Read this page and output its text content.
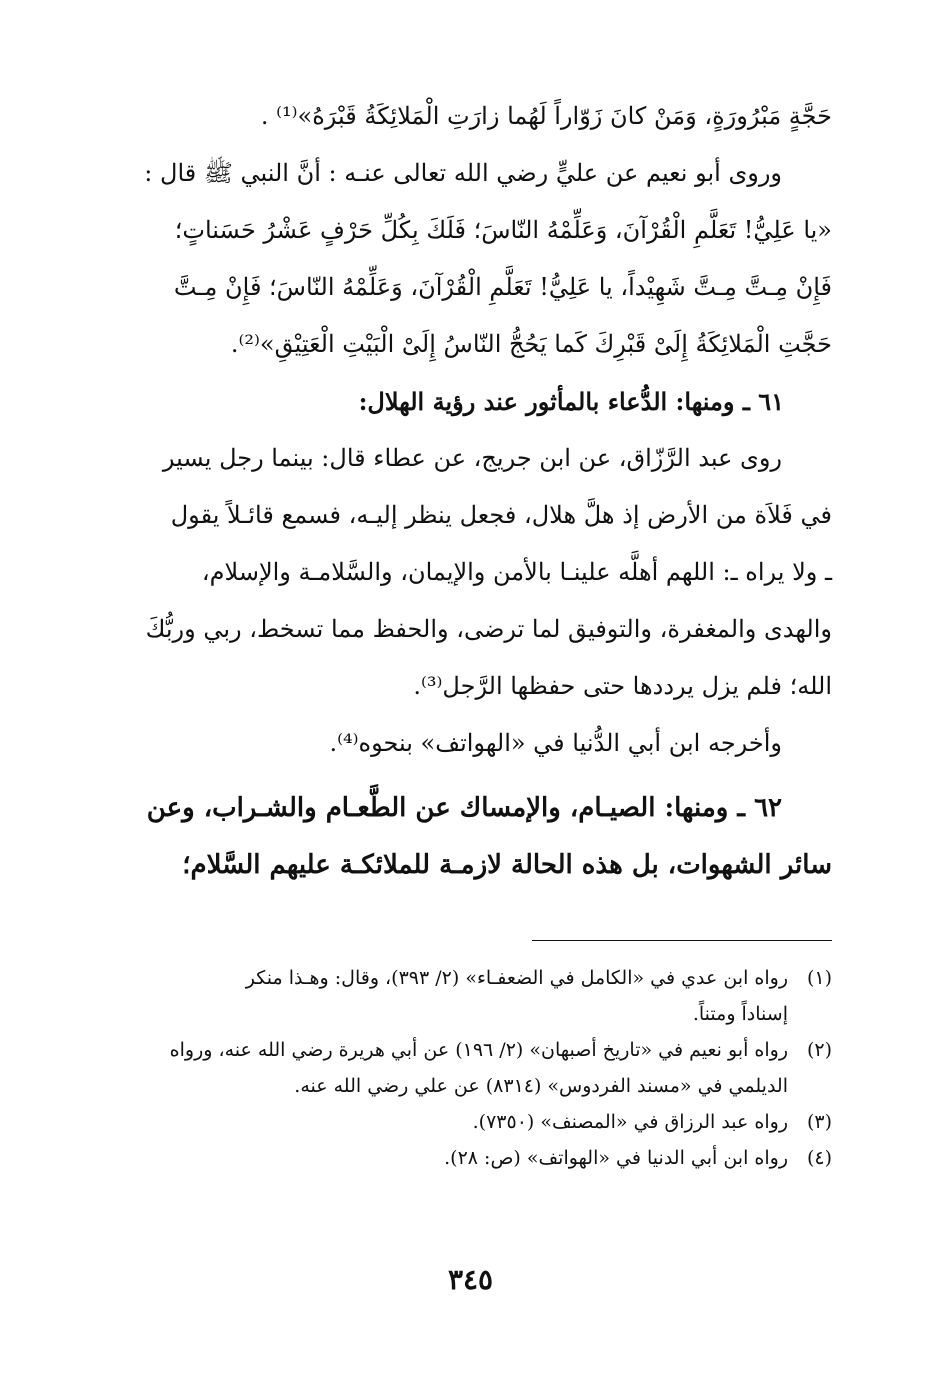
حَجَّةٍ مَبْرُورَةٍ، وَمَنْ كانَ زَوّاراً لَهُما زارَتِ الْمَلائِكَةُ قَبْرَهُ»⁽¹⁾ .
وروى أبو نعيم عن عليٍّ رضي الله تعالى عنـه : أنَّ النبي ﷺ قال :
«يا عَلِيُّ! تَعَلَّمِ الْقُرْآنَ، وَعَلِّمْهُ النّاسَ؛ فَلَكَ بِكُلِّ حَرْفٍ عَشْرُ حَسَناتٍ؛
فَإِنْ مِـتَّ مِـتَّ شَهِيْداً، يا عَلِيُّ! تَعَلَّمِ الْقُرْآنَ، وَعَلِّمْهُ النّاسَ؛ فَإِنْ مِـتَّ
حَجَّتِ الْمَلائِكَةُ إِلَىْ قَبْرِكَ كَما يَحُجُّ النّاسُ إِلَىْ الْبَيْتِ الْعَتِيْقِ»⁽²⁾.
٦١ ـ ومنها: الدُّعاء بالمأثور عند رؤية الهلال:
روى عبد الرَّزّاق، عن ابن جريج، عن عطاء قال: بينما رجل يسير
في فَلاَة من الأرض إذ هلَّ هلال، فجعل ينظر إليـه، فسمع قائـلاً يقول
ـ ولا يراه ـ: اللهم أهلَّه علينـا بالأمن والإيمان، والسَّلامـة والإسلام،
والهدى والمغفرة، والتوفيق لما ترضى، والحفظ مما تسخط، ربي وربُّكَ
الله؛ فلم يزل يرددها حتى حفظها الرَّجل⁽³⁾.
وأخرجه ابن أبي الدُّنيا في «الهواتف» بنحوه⁽⁴⁾.
٦٢ ـ ومنها: الصيـام، والإمساك عن الطَّعـام والشـراب، وعن
سائر الشهوات، بل هذه الحالة لازمـة للملائكـة عليهم السَّلام؛
(١)
رواه ابن عدي في «الكامل في الضعفـاء» (٢/ ٣٩٣)، وقال: وهـذا منكر
إسناداً ومتناً.
(٢)
رواه أبو نعيم في «تاريخ أصبهان» (٢/ ١٩٦) عن أبي هريرة رضي الله عنه، ورواه
الديلمي في «مسند الفردوس» (٨٣١٤) عن علي رضي الله عنه.
(٣)
رواه عبد الرزاق في «المصنف» (٧٣٥٠).
(٤)
رواه ابن أبي الدنيا في «الهواتف» (ص: ٢٨).
٣٤٥
